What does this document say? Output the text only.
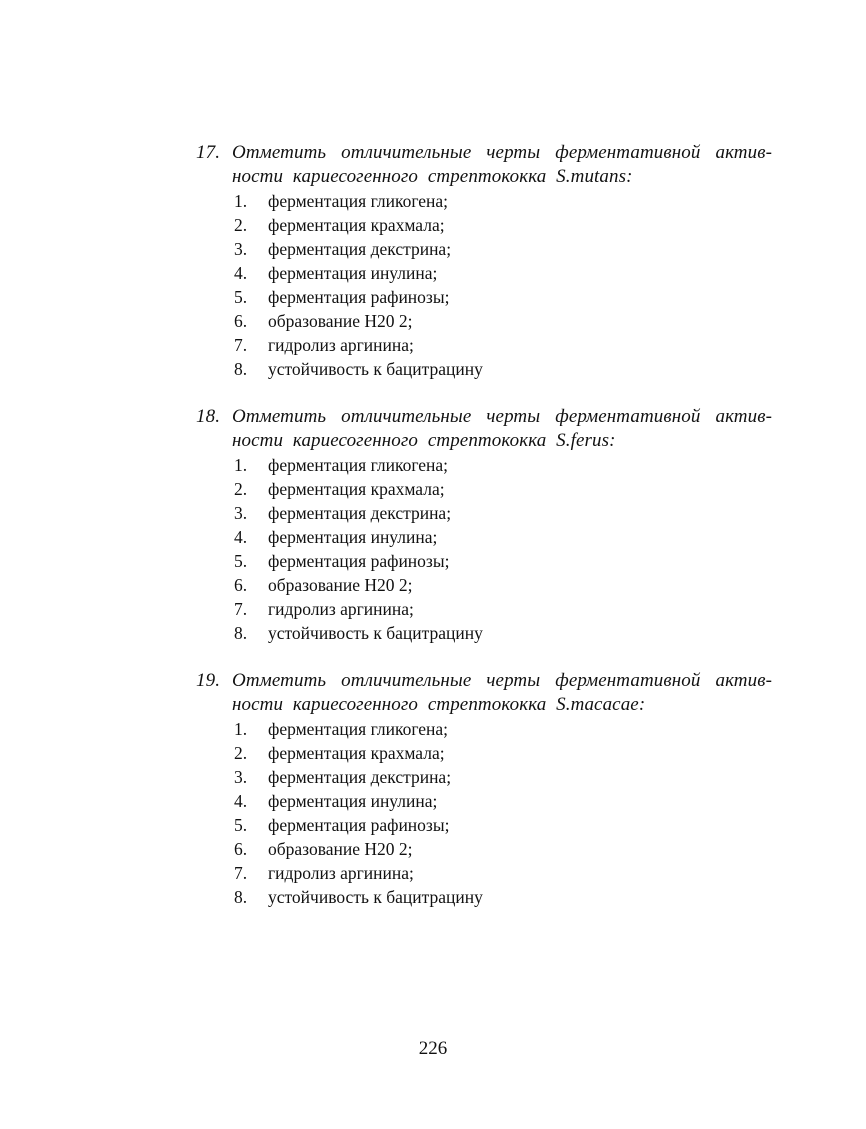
17. Отметить отличительные черты ферментативной актив-
ности кариесогенного стрептококка S.mutans:
1. ферментация гликогена;
2. ферментация крахмала;
3. ферментация декстрина;
4. ферментация инулина;
5. ферментация рафинозы;
6. образование Н20 2;
7. гидролиз аргинина;
8. устойчивость к бацитрацину
18. Отметить отличительные черты ферментативной актив-
ности кариесогенного стрептококка S.ferus:
1. ферментация гликогена;
2. ферментация крахмала;
3. ферментация декстрина;
4. ферментация инулина;
5. ферментация рафинозы;
6. образование Н20 2;
7. гидролиз аргинина;
8. устойчивость к бацитрацину
19. Отметить отличительные черты ферментативной актив-
ности кариесогенного стрептококка S.macacae:
1. ферментация гликогена;
2. ферментация крахмала;
3. ферментация декстрина;
4. ферментация инулина;
5. ферментация рафинозы;
6. образование Н20 2;
7. гидролиз аргинина;
8. устойчивость к бацитрацину
226
